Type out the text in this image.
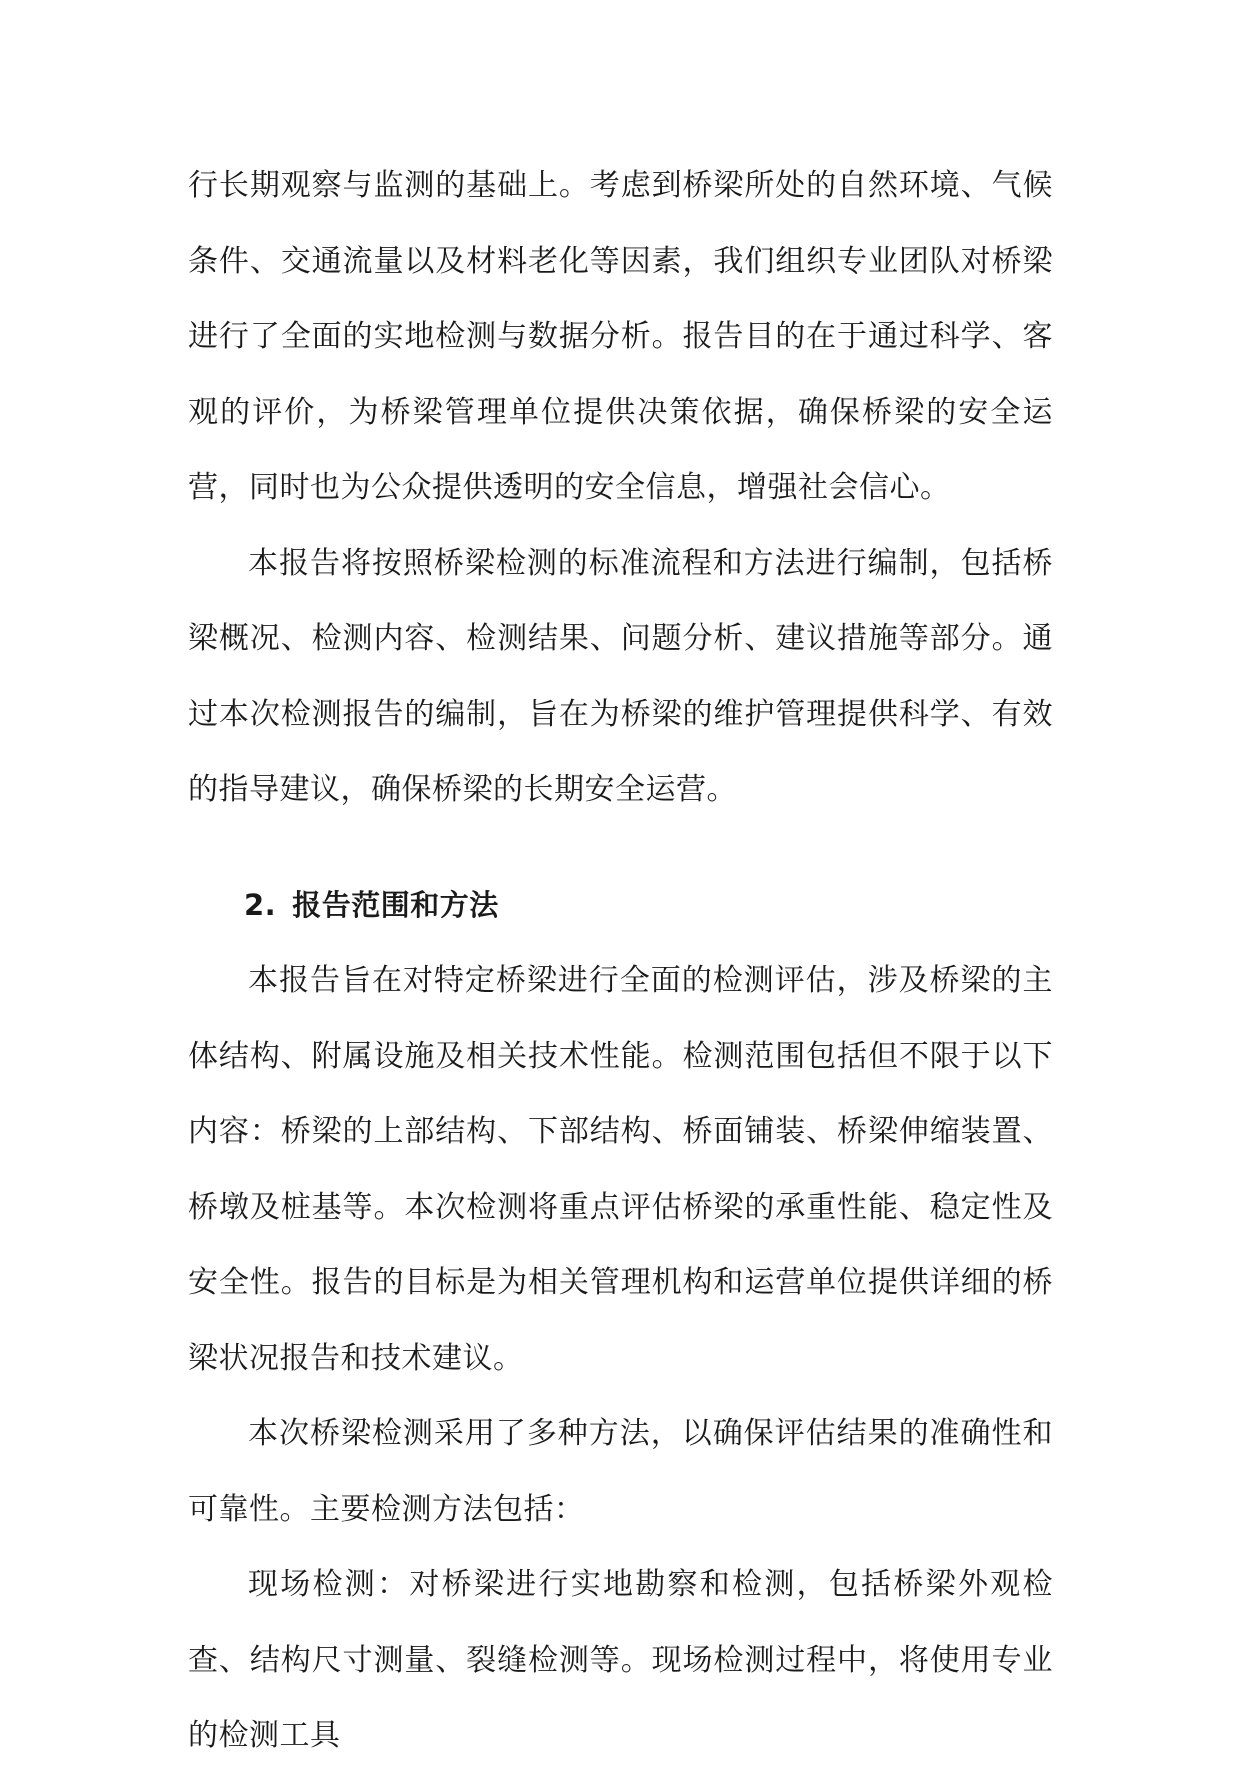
行长期观察与监测的基础上。考虑到桥梁所处的自然环境、气候条件、交通流量以及材料老化等因素，我们组织专业团队对桥梁进行了全面的实地检测与数据分析。报告目的在于通过科学、客观的评价，为桥梁管理单位提供决策依据，确保桥梁的安全运营，同时也为公众提供透明的安全信息，增强社会信心。

本报告将按照桥梁检测的标准流程和方法进行编制，包括桥梁概况、检测内容、检测结果、问题分析、建议措施等部分。通过本次检测报告的编制，旨在为桥梁的维护管理提供科学、有效的指导建议，确保桥梁的长期安全运营。

2. 报告范围和方法

本报告旨在对特定桥梁进行全面的检测评估，涉及桥梁的主体结构、附属设施及相关技术性能。检测范围包括但不限于以下内容：桥梁的上部结构、下部结构、桥面铺装、桥梁伸缩装置、桥墩及桩基等。本次检测将重点评估桥梁的承重性能、稳定性及安全性。报告的目标是为相关管理机构和运营单位提供详细的桥梁状况报告和技术建议。

本次桥梁检测采用了多种方法，以确保评估结果的准确性和可靠性。主要检测方法包括：

现场检测：对桥梁进行实地勘察和检测，包括桥梁外观检查、结构尺寸测量、裂缝检测等。现场检测过程中，将使用专业的检测工具
